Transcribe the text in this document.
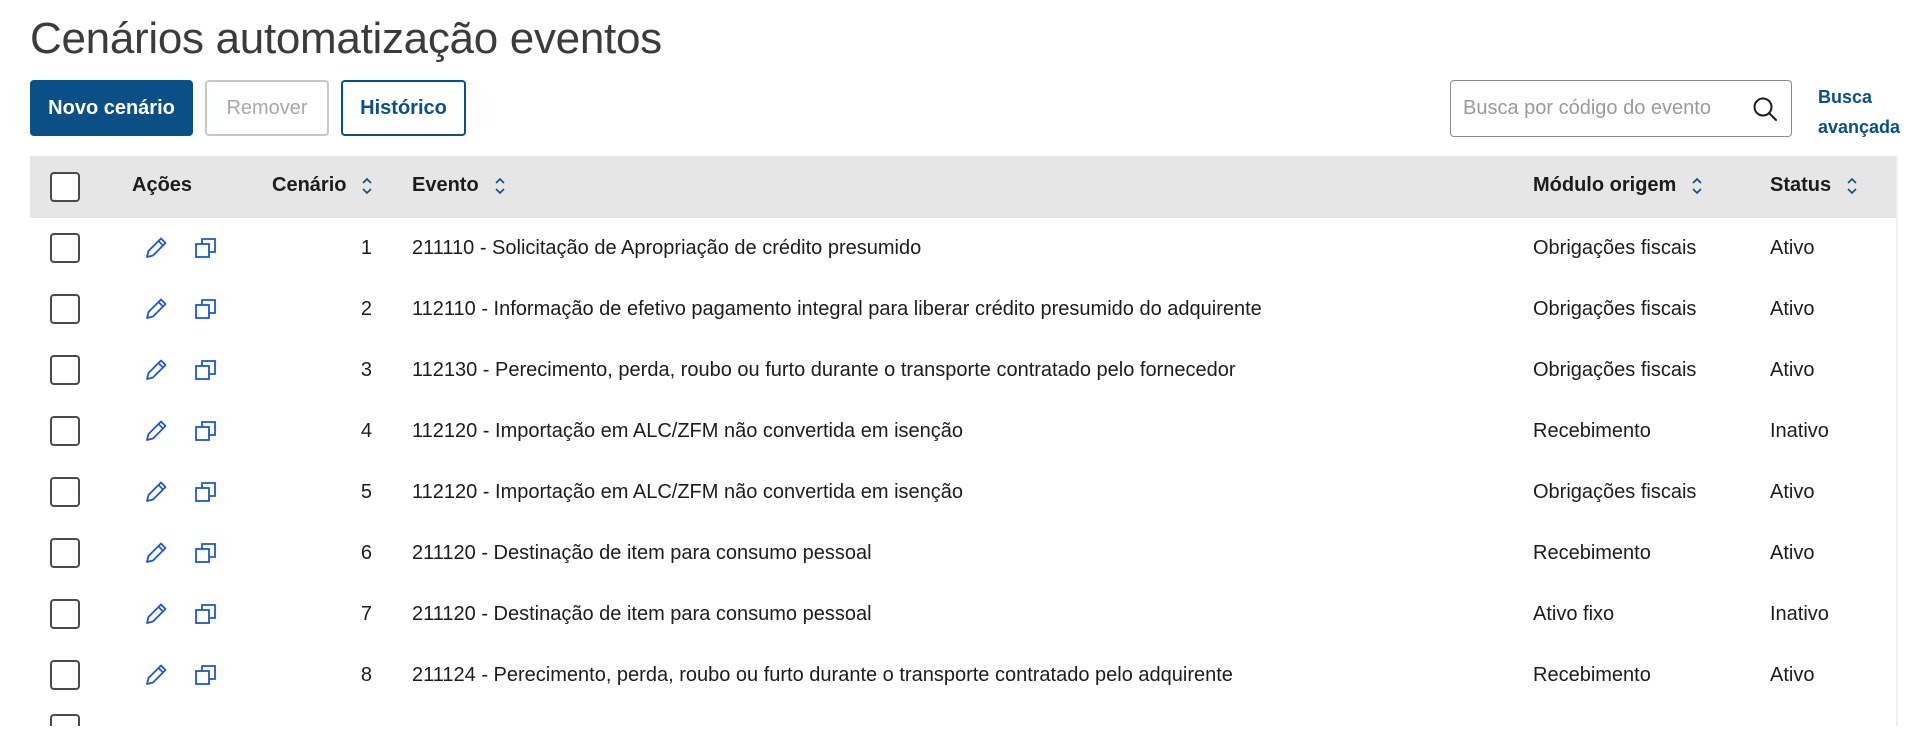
Cenários automatização eventos
Novo cenário	Remover	Histórico
Busca por código do evento	Busca
avançada
Ações	Cenário	Evento	Módulo origem	Status
1 211110 - Solicitação de Apropriação de crédito presumido	Obrigações fiscais	Ativo
2 112110 - Informação de efetivo pagamento integral para liberar crédito presumido do adquirente	Obrigações fiscais	Ativo
3 112130 - Perecimento, perda, roubo ou furto durante o transporte contratado pelo fornecedor	Obrigações fiscais	Ativo
4 112120 - Importação em ALC/ZFM não convertida em isenção	Recebimento	Inativo
5 112120 - Importação em ALC/ZFM não convertida em isenção	Obrigações fiscais	Ativo
6 211120 - Destinação de item para consumo pessoal	Recebimento	Ativo
7 211120 - Destinação de item para consumo pessoal	Ativo fixo	Inativo
8 211124 - Perecimento, perda, roubo ou furto durante o transporte contratado pelo adquirente	Recebimento	Ativo
